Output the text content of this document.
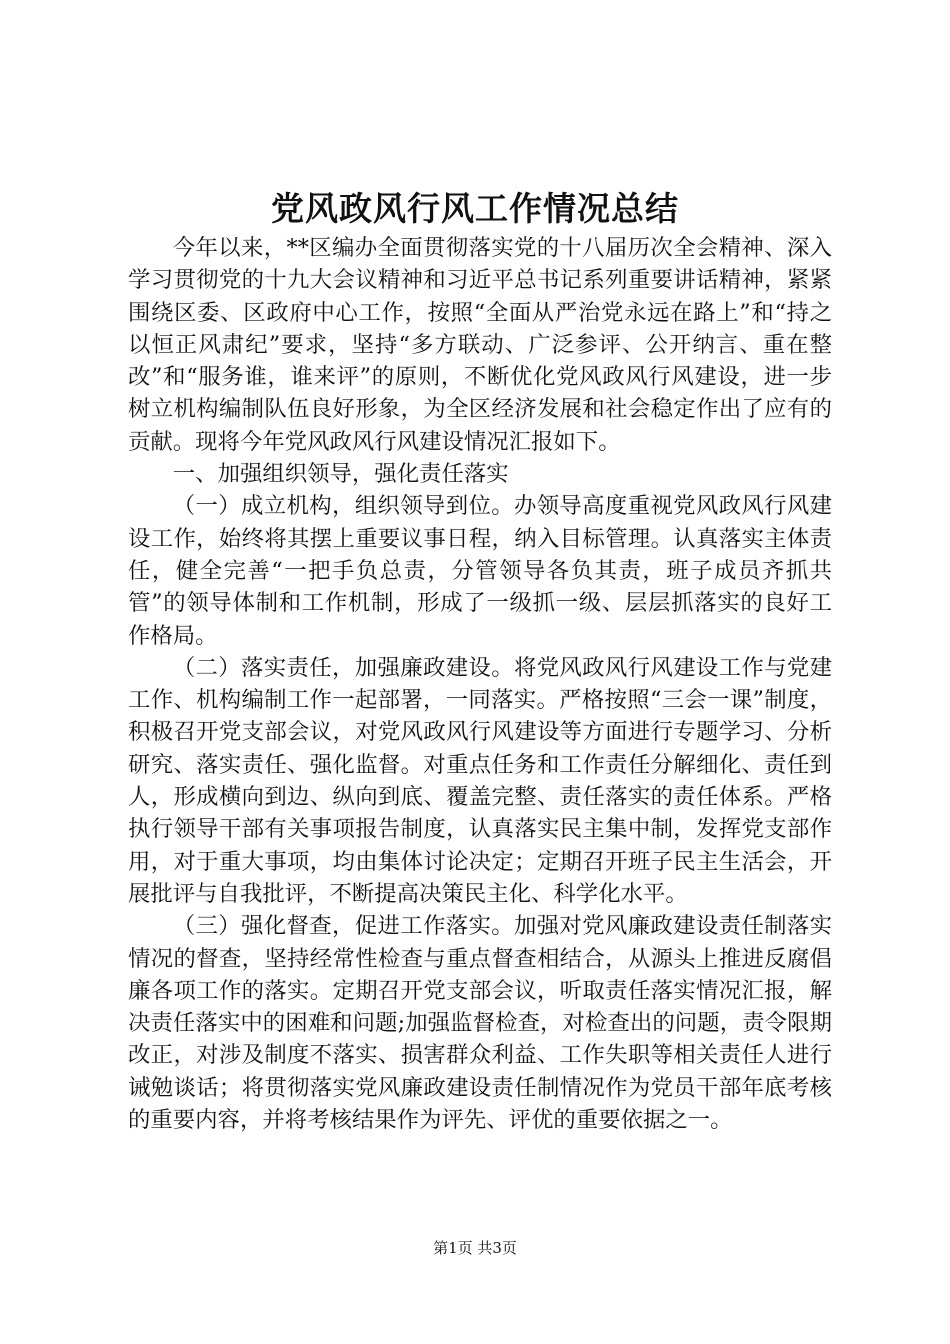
党风政风行风工作情况总结

今年以来，**区编办全面贯彻落实党的十八届历次全会精神、深入学习贯彻党的十九大会议精神和习近平总书记系列重要讲话精神，紧紧围绕区委、区政府中心工作，按照“全面从严治党永远在路上”和“持之以恒正风肃纪”要求，坚持“多方联动、广泛参评、公开纳言、重在整改”和“服务谁，谁来评”的原则，不断优化党风政风行风建设，进一步树立机构编制队伍良好形象，为全区经济发展和社会稳定作出了应有的贡献。现将今年党风政风行风建设情况汇报如下。

一、加强组织领导，强化责任落实

（一）成立机构，组织领导到位。办领导高度重视党风政风行风建设工作，始终将其摆上重要议事日程，纳入目标管理。认真落实主体责任，健全完善“一把手负总责，分管领导各负其责，班子成员齐抓共管”的领导体制和工作机制，形成了一级抓一级、层层抓落实的良好工作格局。

（二）落实责任，加强廉政建设。将党风政风行风建设工作与党建工作、机构编制工作一起部署，一同落实。严格按照“三会一课”制度，积极召开党支部会议，对党风政风行风建设等方面进行专题学习、分析研究、落实责任、强化监督。对重点任务和工作责任分解细化、责任到人，形成横向到边、纵向到底、覆盖完整、责任落实的责任体系。严格执行领导干部有关事项报告制度，认真落实民主集中制，发挥党支部作用，对于重大事项，均由集体讨论决定；定期召开班子民主生活会，开展批评与自我批评，不断提高决策民主化、科学化水平。

（三）强化督查，促进工作落实。加强对党风廉政建设责任制落实情况的督查，坚持经常性检查与重点督查相结合，从源头上推进反腐倡廉各项工作的落实。定期召开党支部会议，听取责任落实情况汇报，解决责任落实中的困难和问题;加强监督检查，对检查出的问题，责令限期改正，对涉及制度不落实、损害群众利益、工作失职等相关责任人进行诫勉谈话；将贯彻落实党风廉政建设责任制情况作为党员干部年底考核的重要内容，并将考核结果作为评先、评优的重要依据之一。

第1页 共3页
